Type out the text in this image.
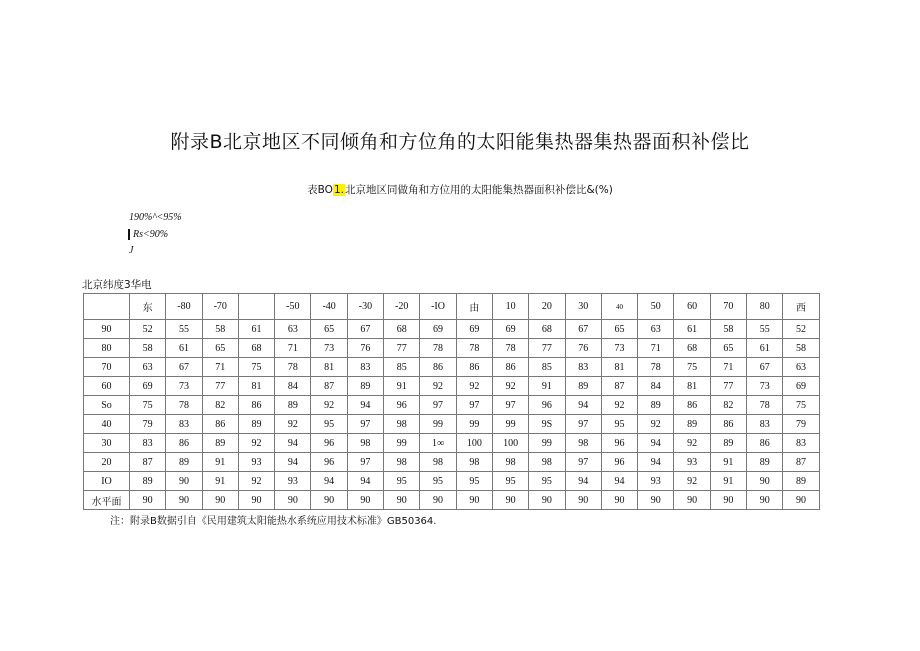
附录B北京地区不同倾角和方位角的太阳能集热器集热器面积补偿比
表BO1.北京地区同做角和方位用的太阳能集热器面积补偿比&(%)
190%^<95%
Rs<90%
J
北京纬度3华电
	东	-80	-70		-50	-40	-30	-20	-IO	由	10	20	30	40	50	60	70	80	西
90	52	55	58	61	63	65	67	68	69	69	69	68	67	65	63	61	58	55	52
80	58	61	65	68	71	73	76	77	78	78	78	77	76	73	71	68	65	61	58
70	63	67	71	75	78	81	83	85	86	86	86	85	83	81	78	75	71	67	63
60	69	73	77	81	84	87	89	91	92	92	92	91	89	87	84	81	77	73	69
So	75	78	82	86	89	92	94	96	97	97	97	96	94	92	89	86	82	78	75
40	79	83	86	89	92	95	97	98	99	99	99	9S	97	95	92	89	86	83	79
30	83	86	89	92	94	96	98	99	1∞	100	100	99	98	96	94	92	89	86	83
20	87	89	91	93	94	96	97	98	98	98	98	98	97	96	94	93	91	89	87
IO	89	90	91	92	93	94	94	95	95	95	95	95	94	94	93	92	91	90	89
水平面	90	90	90	90	90	90	90	90	90	90	90	90	90	90	90	90	90	90	90
注：附录B数据引自《民用建筑太阳能热水系统应用技术标准》GB50364.
